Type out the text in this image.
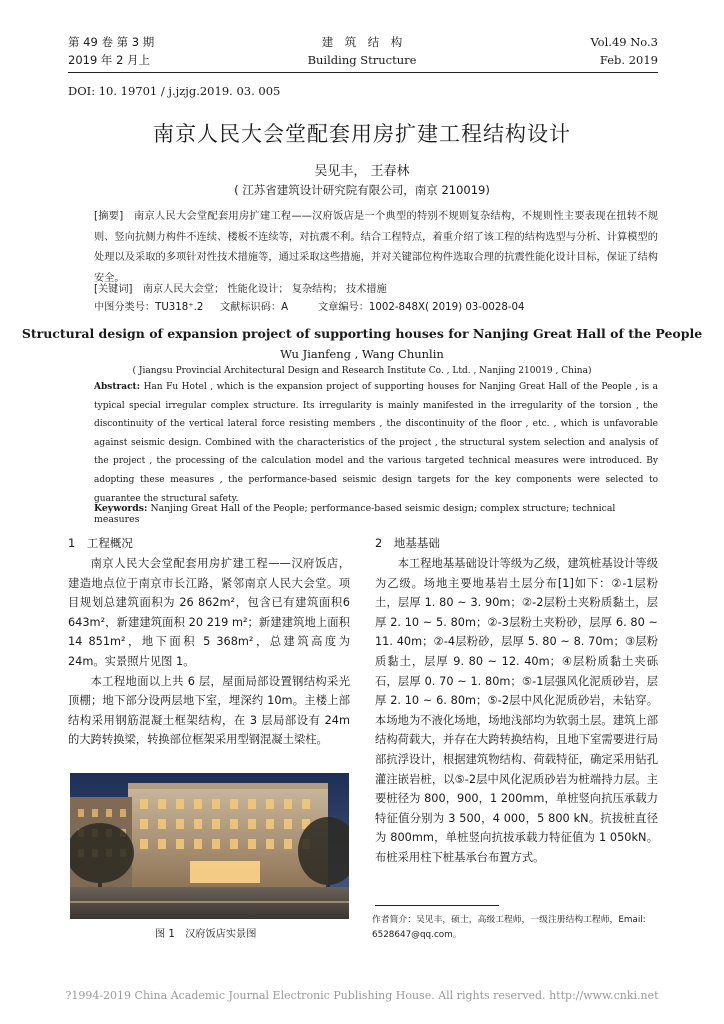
第 49 卷 第 3 期
2019 年 2 月上
建　筑　结　构
Building Structure
Vol.49 No.3
Feb. 2019
DOI: 10. 19701 / j.jzjg.2019. 03. 005
南京人民大会堂配套用房扩建工程结构设计
吴见丰， 王春林
( 江苏省建筑设计研究院有限公司，南京 210019)
[摘要]　南京人民大会堂配套用房扩建工程——汉府饭店是一个典型的特别不规则复杂结构，不规则性主要表现在扭转不规则、竖向抗侧力构件不连续、楼板不连续等，对抗震不利。结合工程特点，着重介绍了该工程的结构选型与分析、计算模型的处理以及采取的多项针对性技术措施等，通过采取这些措施，并对关键部位构件选取合理的抗震性能化设计目标，保证了结构安全。
[关键词]　南京人民大会堂； 性能化设计； 复杂结构； 技术措施
中图分类号：TU318⁺.2 文献标识码：A	文章编号：1002-848X( 2019) 03-0028-04
Structural design of expansion project of supporting houses for Nanjing Great Hall of the People
Wu Jianfeng , Wang Chunlin
( Jiangsu Provincial Architectural Design and Research Institute Co. , Ltd. , Nanjing 210019 , China)
Abstract: Han Fu Hotel , which is the expansion project of supporting houses for Nanjing Great Hall of the People , is a typical special irregular complex structure. Its irregularity is mainly manifested in the irregularity of the torsion , the discontinuity of the vertical lateral force resisting members , the discontinuity of the floor , etc. , which is unfavorable against seismic design. Combined with the characteristics of the project , the structural system selection and analysis of the project , the processing of the calculation model and the various targeted technical measures were introduced. By adopting these measures , the performance-based seismic design targets for the key components were selected to guarantee the structural safety.
Keywords: Nanjing Great Hall of the People; performance-based seismic design; complex structure; technical measures
1　工程概况

南京人民大会堂配套用房扩建工程——汉府饭店，建造地点位于南京市长江路，紧邻南京人民大会堂。项目规划总建筑面积为 26 862m²，包含已有建筑面积6 643m²，新建建筑面积 20 219 m²；新建建筑地上面积14 851m²，地下面积 5 368m²，总建筑高度为 24m。实景照片见图 1。

本工程地面以上共 6 层，屋面局部设置钢结构采光顶棚；地下部分设两层地下室，埋深约 10m。主楼上部结构采用钢筋混凝土框架结构，在 3 层局部设有 24m 的大跨转换梁，转换部位框架采用型钢混凝土梁柱。

图 1　汉府饭店实景图
2　地基基础

本工程地基基础设计等级为乙级，建筑桩基设计等级为乙级。场地主要地基岩土层分布[1]如下：②-1层粉土，层厚 1. 80 ~ 3. 90m；②-2层粉土夹粉质黏土，层厚 2. 10 ~ 5. 80m；②-3层粉土夹粉砂，层厚 6. 80 ~ 11. 40m；②-4层粉砂，层厚 5. 80 ~ 8. 70m；③层粉质黏土，层厚 9. 80 ~ 12. 40m；④层粉质黏土夹砾石，层厚 0. 70 ~ 1. 80m；⑤-1层强风化泥质砂岩，层厚 2. 10 ~ 6. 80m；⑤-2层中风化泥质砂岩，未钻穿。本场地为不液化场地，场地浅部均为软弱土层。建筑上部结构荷载大，并存在大跨转换结构，且地下室需要进行局部抗浮设计，根据建筑物结构、荷载特征，确定采用钻孔灌注嵌岩桩，以⑤-2层中风化泥质砂岩为桩端持力层。主要桩径为 800，900，1 200mm，单桩竖向抗压承载力特征值分别为 3 500，4 000，5 800 kN。抗拔桩直径为 800mm，单桩竖向抗拔承载力特征值为 1 050kN。布桩采用柱下桩基承台布置方式。

作者简介：吴见丰，硕士，高级工程师，一级注册结构工程师，Email: 6528647@qq.com。
?1994-2019 China Academic Journal Electronic Publishing House. All rights reserved. http://www.cnki.net
